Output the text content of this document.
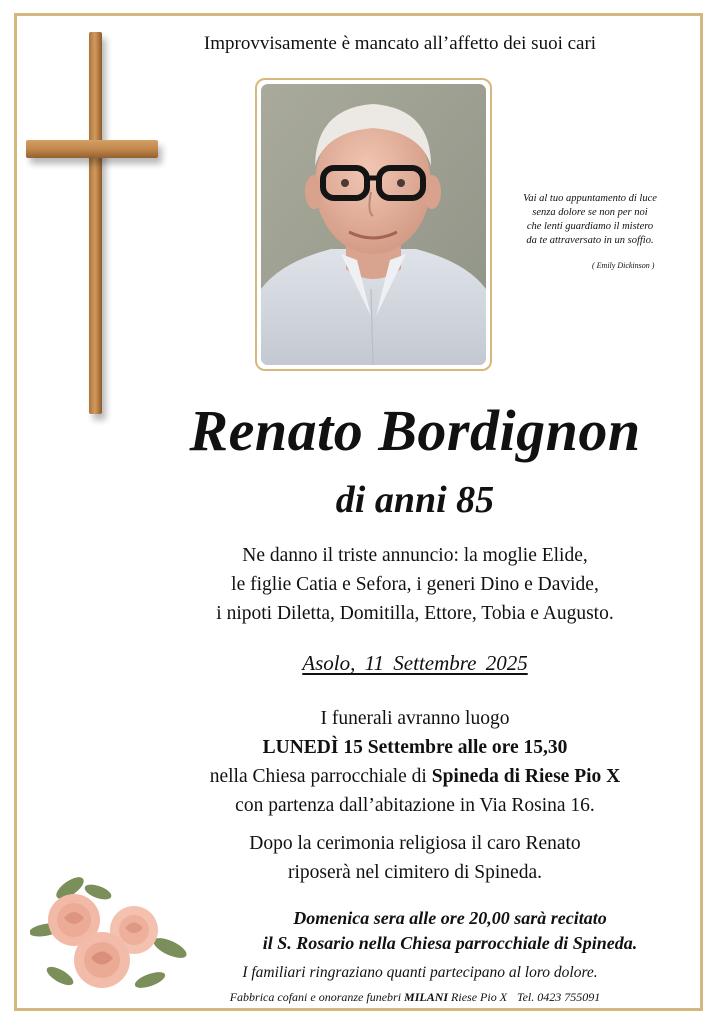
Improvvisamente è mancato all’affetto dei suoi cari
Vai al tuo appuntamento di luce
senza dolore se non per noi
che lenti guardiamo il mistero
da te attraversato in un soffio.
( Emily Dickinson )
Renato Bordignon
di anni 85
Ne danno il triste annuncio: la moglie Elide,
le figlie Catia e Sefora, i generi Dino e Davide,
i nipoti Diletta, Domitilla, Ettore, Tobia e Augusto.
Asolo, 11 Settembre 2025
I funerali avranno luogo
LUNEDÌ 15 Settembre alle ore 15,30
nella Chiesa parrocchiale di Spineda di Riese Pio X
con partenza dall’abitazione in Via Rosina 16.
Dopo la cerimonia religiosa il caro Renato
riposerà nel cimitero di Spineda.
Domenica sera alle ore 20,00 sarà recitato
il S. Rosario nella Chiesa parrocchiale di Spineda.
I familiari ringraziano quanti partecipano al loro dolore.
Fabbrica cofani e onoranze funebri MILANI Riese Pio X Tel. 0423 755091
